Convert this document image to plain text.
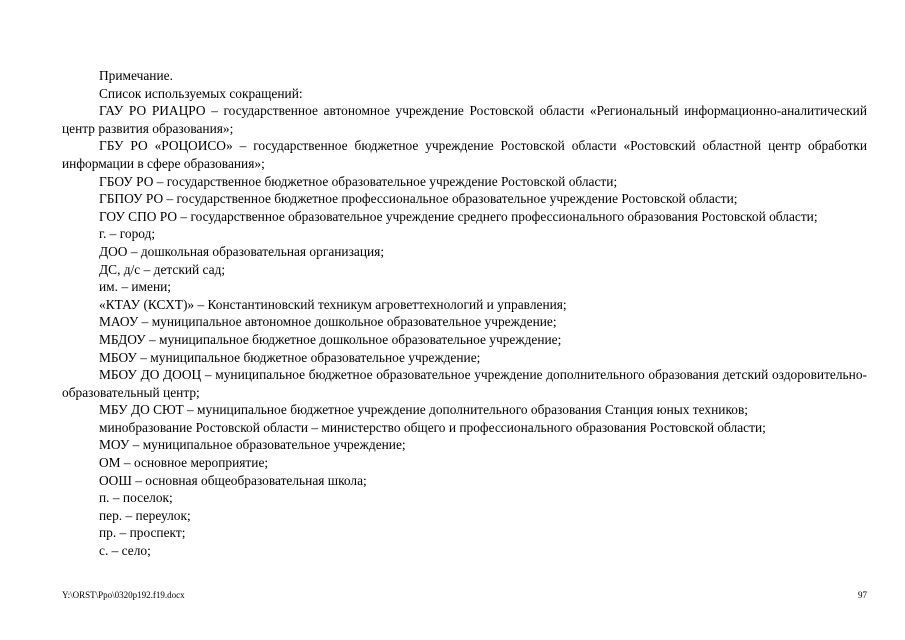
Примечание.

Список используемых сокращений:

ГАУ РО РИАЦРО – государственное автономное учреждение Ростовской области «Региональный информационно-аналитический центр развития образования»;

ГБУ РО «РОЦОИСО» – государственное бюджетное учреждение Ростовской области «Ростовский областной центр обработки информации в сфере образования»;

ГБОУ РО – государственное бюджетное образовательное учреждение Ростовской области;

ГБПОУ РО – государственное бюджетное профессиональное образовательное учреждение Ростовской области;

ГОУ СПО РО – государственное образовательное учреждение среднего профессионального образования Ростовской области;

г. – город;

ДОО – дошкольная образовательная организация;

ДС, д/с – детский сад;

им. – имени;

«КТАУ (КСХТ)» – Константиновский техникум агроветтехнологий и управления;

МАОУ – муниципальное автономное дошкольное образовательное учреждение;

МБДОУ – муниципальное бюджетное дошкольное образовательное учреждение;

МБОУ – муниципальное бюджетное образовательное учреждение;

МБОУ ДО ДООЦ – муниципальное бюджетное образовательное учреждение дополнительного образования детский оздоровительно-образовательный центр;

МБУ ДО СЮТ – муниципальное бюджетное учреждение дополнительного образования Станция юных техников;

минобразование Ростовской области – министерство общего и профессионального образования Ростовской области;

МОУ – муниципальное образовательное учреждение;

ОМ – основное мероприятие;

ООШ – основная общеобразовательная школа;

п. – поселок;

пер. – переулок;

пр. – проспект;

с. – село;

Y:\ORST\Ppo\0320p192.f19.docx	97
